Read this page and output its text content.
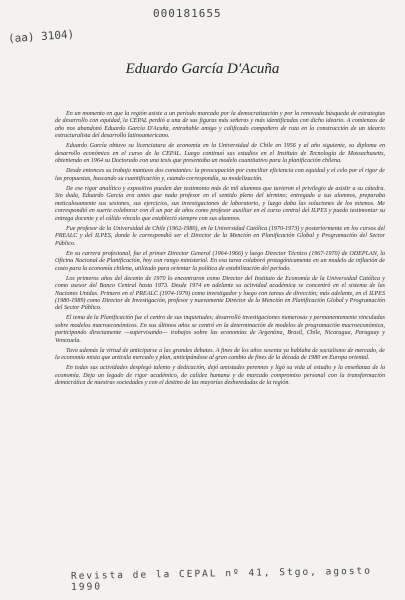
000181655
(aa) 3104)
Eduardo García D'Acuña

En un momento en que la región asiste a un período marcado por la democratización y por la renovada búsqueda de estrategias de desarrollo con equidad, la CEPAL perdió a una de sus figuras más señeras y más identificadas con dicho ideario. A comienzos de año nos abandonó Eduardo García D'Acuña, entrañable amigo y calificado compañero de ruta en la construcción de un ideario estructuralista del desarrollo latinoamericano.

Eduardo García obtuvo su licenciatura de economía en la Universidad de Chile en 1956 y al año siguiente, su diploma en desarrollo económico en el curso de la CEPAL. Luego continuó sus estudios en el Instituto de Tecnología de Massachusetts, obteniendo en 1964 su Doctorado con una tesis que presentaba un modelo cuantitativo para la planificación chilena.

Desde entonces su trabajo mantuvo dos constantes: la preocupación por conciliar eficiencia con equidad y el celo por el rigor de las propuestas, buscando su cuantificación y, cuando correspondía, su modelización.

De ese rigor analítico y expositivo pueden dar testimonio más de mil alumnos que tuvieron el privilegio de asistir a su cátedra. Sin duda, Eduardo García era antes que nada profesor en el sentido pleno del término; entregado a sus alumnos, preparaba meticulosamente sus sesiones, sus ejercicios, sus investigaciones de laboratorio, y luego daba las soluciones de los mismos. Me correspondió en suerte colaborar con él un par de años como profesor auxiliar en el curso central del ILPES y puedo testimoniar su entrega docente y el cálido vínculo que estableció siempre con sus alumnos.

Fue profesor de la Universidad de Chile (1962-1980), en la Universidad Católica (1970-1973) y posteriormente en los cursos del PREALC y del ILPES, donde le correspondió ser el Director de la Mención en Planificación Global y Programación del Sector Público.

En su carrera profesional, fue el primer Director General (1964-1966) y luego Director Técnico (1967-1970) de ODEPLAN, la Oficina Nacional de Planificación, hoy con rango ministerial. En esa tarea colaboró protagónicamente en un modelo de inflación de costo para la economía chilena, utilizado para orientar la política de estabilización del período.

Los primeros años del decenio de 1970 lo encontraron como Director del Instituto de Economía de la Universidad Católica y como asesor del Banco Central hasta 1973. Desde 1974 en adelante su actividad académica se concentró en el sistema de las Naciones Unidas. Primero en el PREALC (1974-1979) como investigador y luego con tareas de dirección; más adelante, en el ILPES (1980-1989) como Director de Investigación, profesor y nuevamente Director de la Mención en Planificación Global y Programación del Sector Público.

El tema de la Planificación fue el centro de sus inquietudes; desarrolló investigaciones numerosas y permanentemente vinculadas sobre modelos macroeconómicos. En sus últimos años se centró en la determinación de modelos de programación macroeconómica, participando directamente —supervisando— trabajos sobre las economías de Argentina, Brasil, Chile, Nicaragua, Paraguay y Venezuela.

Tuvo además la virtud de anticiparse a las grandes debates. A fines de los años sesenta ya hablaba de socialismo de mercado, de la economía mixta que articula mercado y plan, anticipándose al gran cambio de fines de la década de 1980 en Europa oriental.

En todas sus actividades desplegó talento y dedicación, dejó amistades perennes y ligó su vida al estudio y la enseñanza de la economía. Deja un legado de rigor académico, de calidez humana y de marcado compromiso personal con la transformación democrática de nuestras sociedades y con el destino de las mayorías desheredadas de la región.

Revista de la CEPAL nº 41, Stgo, agosto 1990
